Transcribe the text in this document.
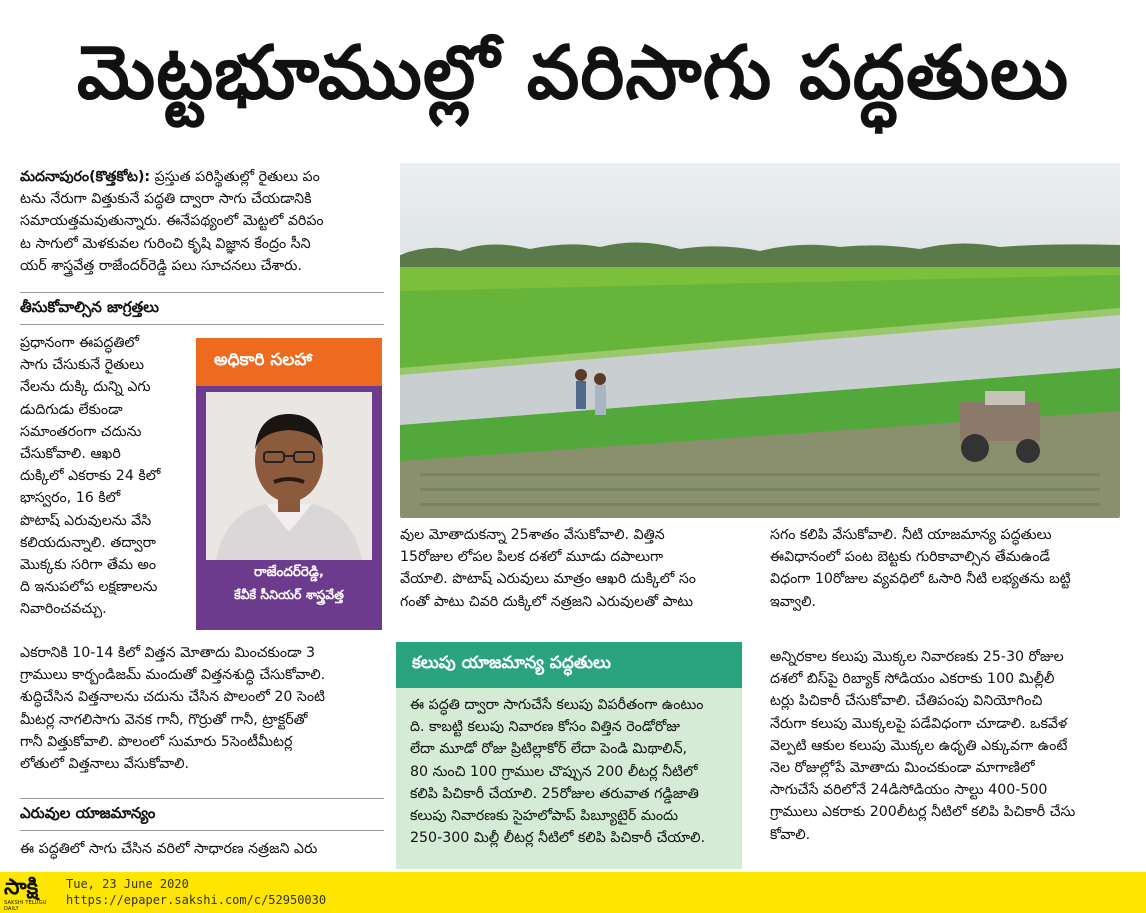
మెట్టభూముల్లో వరిసాగు పద్ధతులు
మదనాపురం(కొత్తకోట): ప్రస్తుత పరిస్థితుల్లో రైతులు పం
టను నేరుగా విత్తుకునే పద్ధతి ద్వారా సాగు చేయడానికి
సమాయత్తమవుతున్నారు. ఈనేపథ్యంలో మెట్టలో వరిపం
ట సాగులో మెళకువల గురించి కృషి విజ్ఞాన కేంద్రం సీని
యర్ శాస్త్రవేత్త రాజేందర్‌రెడ్డి పలు సూచనలు చేశారు.
తీసుకోవాల్సిన జాగ్రత్తలు
ప్రధానంగా ఈపద్ధతిలో
సాగు చేసుకునే రైతులు
నేలను దుక్కి దున్ని ఎగు
డుదిగుడు లేకుండా
సమాంతరంగా చదును
చేసుకోవాలి. ఆఖరి
దుక్కిలో ఎకరాకు 24 కిలో
భాస్వరం, 16 కిలో
పొటాష్ ఎరువులను వేసి
కలియదున్నాలి. తద్వారా
మొక్కకు సరిగా తేమ అం
ది ఇనుపలోప లక్షణాలను
నివారించవచ్చు.
అధికారి సలహా
రాజేందర్‌రెడ్డి,
కేవీకే సీనియర్ శాస్త్రవేత్త
ఎకరానికి 10-14 కిలో విత్తన మోతాదు మించకుండా 3
గ్రాములు కార్బండిజమ్ మందుతో విత్తనశుద్ధి చేసుకోవాలి.
శుద్ధిచేసిన విత్తనాలను చదును చేసిన పొలంలో 20 సెంటి
మీటర్ల నాగలిసాగు వెనక గానీ, గొర్రుతో గానీ, ట్రాక్టర్‌తో
గానీ విత్తుకోవాలి. పొలంలో సుమారు 5సెంటీమీటర్ల
లోతులో విత్తనాలు వేసుకోవాలి.
ఎరువుల యాజమాన్యం
ఈ పద్ధతిలో సాగు చేసిన వరిలో సాధారణ నత్రజని ఎరు
వుల మోతాదుకన్నా 25శాతం వేసుకోవాలి. విత్తిన
15రోజుల లోపల పిలక దశలో మూడు దపాలుగా
వేయాలి. పొటాష్ ఎరువులు మాత్రం ఆఖరి దుక్కిలో సం
గంతో పాటు చివరి దుక్కిలో నత్రజని ఎరువులతో పాటు
సగం కలిపి వేసుకోవాలి. నీటి యాజమాన్య పద్ధతులు
ఈవిధానంలో పంట బెట్టకు గురికావాల్సిన తేమఉండే
విధంగా 10రోజుల వ్యవధిలో ఓసారి నీటి లభ్యతను బట్టి
ఇవ్వాలి.
కలుపు యాజమాన్య పద్ధతులు
ఈ పద్ధతి ద్వారా సాగుచేసే కలుపు విపరీతంగా ఉంటుం
ది. కాబట్టి కలుపు నివారణ కోసం విత్తిన రెండోరోజు
లేదా మూడో రోజు ప్రిటిల్లాకోర్ లేదా పెండి మిథాలిన్,
80 నుంచి 100 గ్రాముల చొప్పున 200 లీటర్ల నీటిలో
కలిపి పిచికారీ చేయాలి. 25రోజుల తరువాత గడ్డిజాతి
కలుపు నివారణకు సైహలోపాప్ పిబ్యూటైర్ మందు
250-300 మిల్లీ లీటర్ల నీటిలో కలిపి పిచికారీ చేయాలి.
అన్నిరకాల కలుపు మొక్కల నివారణకు 25-30 రోజుల
దశలో బిస్‌పై రిబ్యాక్ సోడియం ఎకరాకు 100 మిల్లీలీ
టర్లు పిచికారీ చేసుకోవాలి. చేతిపంపు వినియోగించి
నేరుగా కలుపు మొక్కలపై పడేవిధంగా చూడాలి. ఒకవేళ
వెల్పటి ఆకుల కలుపు మొక్కల ఉధృతి ఎక్కువగా ఉంటే
నెల రోజుల్లోపే మోతాదు మించకుండా మాగాణిలో
సాగుచేసే వరిలోనే 24డిసోడియం సాల్టు 400-500
గ్రాములు ఎకరాకు 200లీటర్ల నీటిలో కలిపి పిచికారీ చేసు
కోవాలి.
సాక్షి
SAKSHI TELUGU DAILY
Tue, 23 June 2020
https://epaper.sakshi.com/c/52950030
